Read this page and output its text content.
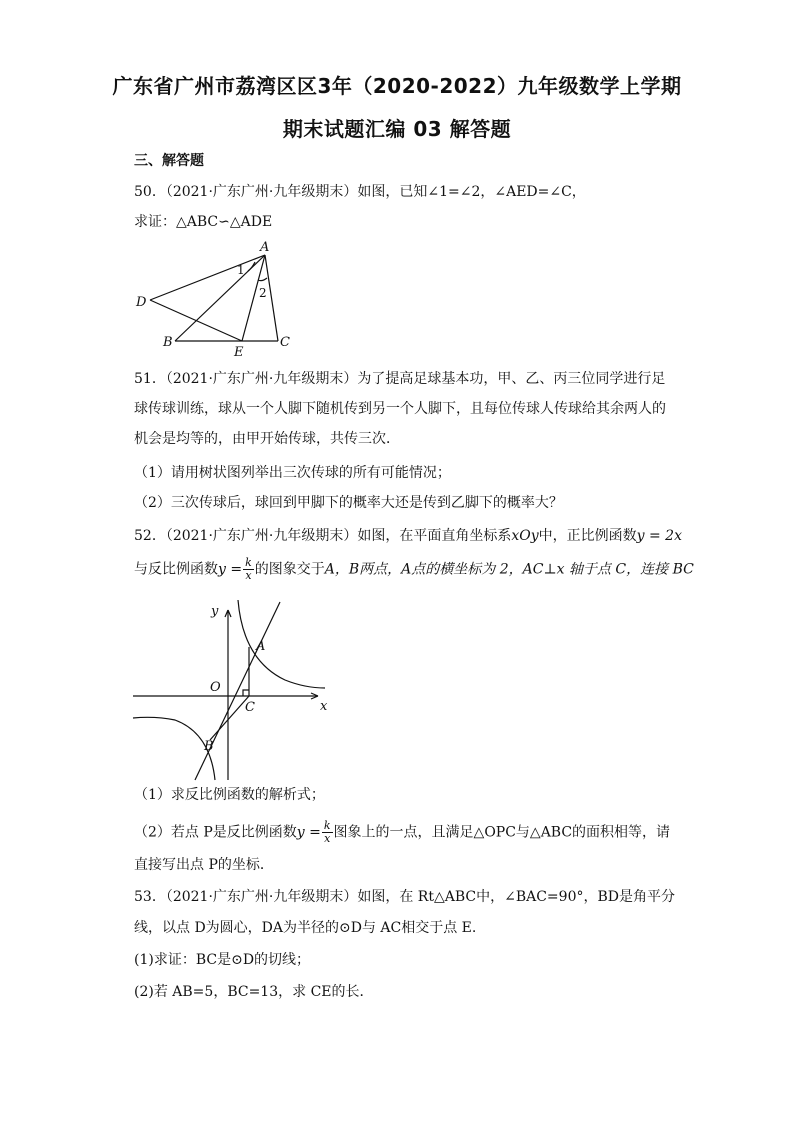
广东省广州市荔湾区区3年（2020-2022）九年级数学上学期
期末试题汇编 03 解答题
三、解答题
50．（2021·广东广州·九年级期末）如图，已知∠1=∠2，∠AED=∠C，
求证：△ABC∽△ADE
A
D
B
E
C
1
2
51．（2021·广东广州·九年级期末）为了提高足球基本功，甲、乙、丙三位同学进行足
球传球训练，球从一个人脚下随机传到另一个人脚下，且每位传球人传球给其余两人的
机会是均等的，由甲开始传球，共传三次．
（1）请用树状图列举出三次传球的所有可能情况；
（2）三次传球后，球回到甲脚下的概率大还是传到乙脚下的概率大？
52．（2021·广东广州·九年级期末）如图，在平面直角坐标系xOy中，正比例函数y = 2x
与反比例函数$y = \frac{k}{x}$ 的图象交于A，B两点，A点的横坐标为 2，AC⊥x 轴于点 C，连接 BC
y
x
O
A
B
C
（1）求反比例函数的解析式；
（2）若点 P是反比例函数$y = \frac{k}{x}$ 图象上的一点，且满足△OPC与△ABC的面积相等，请
直接写出点 P的坐标．
53．（2021·广东广州·九年级期末）如图，在 Rt△ABC中，∠BAC=90°，BD是角平分
线，以点 D为圆心，DA为半径的⊙D与 AC相交于点 E.
(1)求证：BC是⊙D的切线；
(2)若 AB=5，BC=13，求 CE的长．
